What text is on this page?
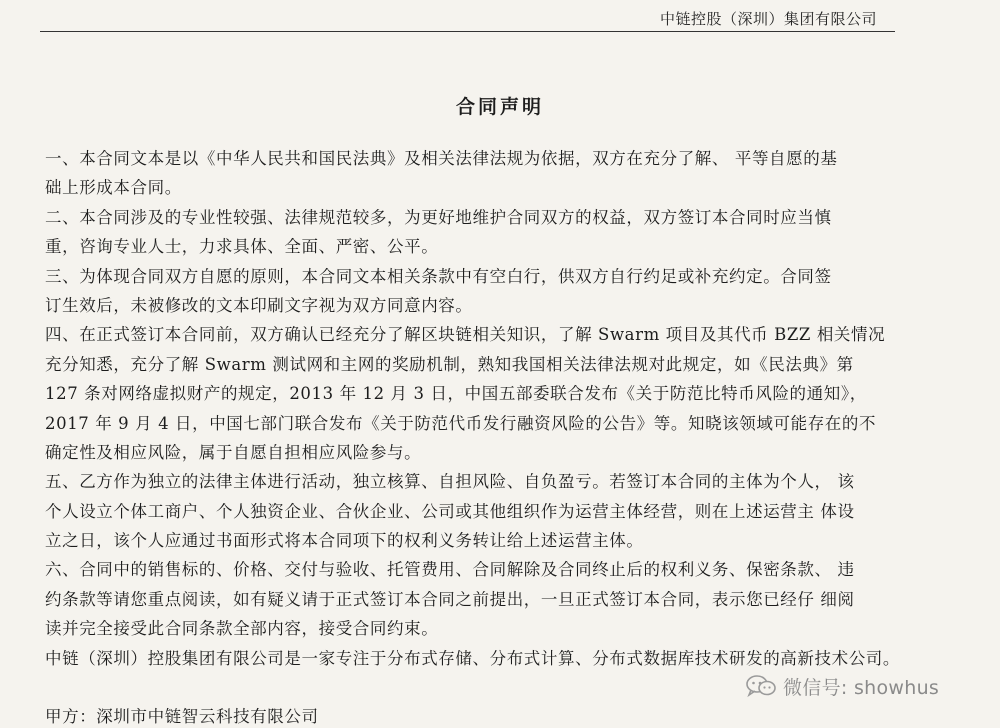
中链控股（深圳）集团有限公司
合同声明
一、本合同文本是以《中华人民共和国民法典》及相关法律法规为依据，双方在充分了解、 平等自愿的基
础上形成本合同。
二、本合同涉及的专业性较强、法律规范较多，为更好地维护合同双方的权益，双方签订本合同时应当慎
重，咨询专业人士，力求具体、全面、严密、公平。
三、为体现合同双方自愿的原则，本合同文本相关条款中有空白行，供双方自行约足或补充约定。合同签
订生效后，未被修改的文本印刷文字视为双方同意内容。
四、在正式签订本合同前，双方确认已经充分了解区块链相关知识，了解 Swarm 项目及其代币 BZZ 相关情况
充分知悉，充分了解 Swarm 测试网和主网的奖励机制，熟知我国相关法律法规对此规定，如《民法典》第
127 条对网络虚拟财产的规定，2013 年 12 月 3 日，中国五部委联合发布《关于防范比特币风险的通知》，
2017 年 9 月 4 日，中国七部门联合发布《关于防范代币发行融资风险的公告》等。知晓该领域可能存在的不
确定性及相应风险，属于自愿自担相应风险参与。
五、乙方作为独立的法律主体进行活动，独立核算、自担风险、自负盈亏。若签订本合同的主体为个人， 该
个人设立个体工商户、个人独资企业、合伙企业、公司或其他组织作为运营主体经营，则在上述运营主 体设
立之日，该个人应通过书面形式将本合同项下的权利义务转让给上述运营主体。
六、合同中的销售标的、价格、交付与验收、托管费用、合同解除及合同终止后的权利义务、保密条款、 违
约条款等请您重点阅读，如有疑义请于正式签订本合同之前提出，一旦正式签订本合同，表示您已经仔 细阅
读并完全接受此合同条款全部内容，接受合同约束。
中链（深圳）控股集团有限公司是一家专注于分布式存储、分布式计算、分布式数据库技术研发的高新技术公司。
微信号: showhus
甲方：深圳市中链智云科技有限公司
